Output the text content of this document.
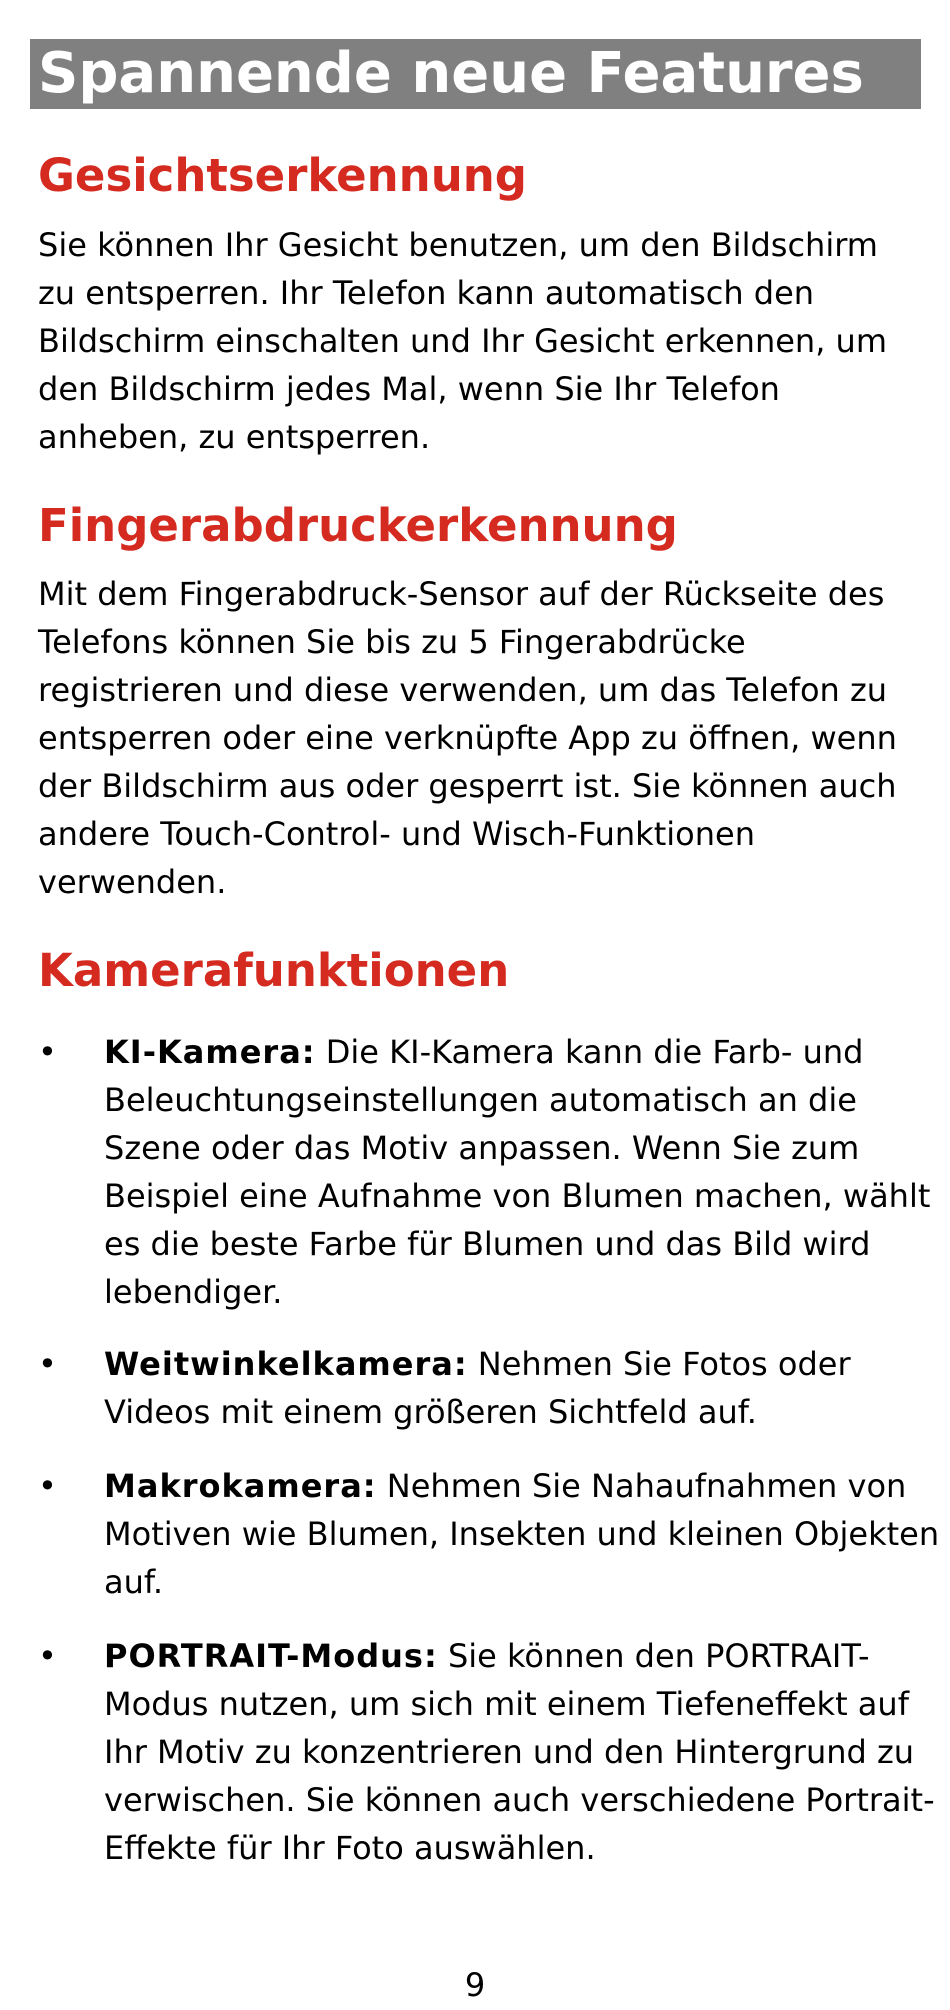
Spannende neue Features
Gesichtserkennung

Sie können Ihr Gesicht benutzen, um den Bildschirm zu entsperren. Ihr Telefon kann automatisch den Bildschirm einschalten und Ihr Gesicht erkennen, um den Bildschirm jedes Mal, wenn Sie Ihr Telefon anheben, zu entsperren.

Fingerabdruckerkennung

Mit dem Fingerabdruck-Sensor auf der Rückseite des Telefons können Sie bis zu 5 Fingerabdrücke registrieren und diese verwenden, um das Telefon zu entsperren oder eine verknüpfte App zu öffnen, wenn der Bildschirm aus oder gesperrt ist. Sie können auch andere Touch-Control- und Wisch-Funktionen verwenden.

Kamerafunktionen
•	KI-Kamera: Die KI-Kamera kann die Farb- und Beleuchtungseinstellungen automatisch an die Szene oder das Motiv anpassen. Wenn Sie zum Beispiel eine Aufnahme von Blumen machen, wählt es die beste Farbe für Blumen und das Bild wird lebendiger.

•	Weitwinkelkamera: Nehmen Sie Fotos oder Videos mit einem größeren Sichtfeld auf.

•	Makrokamera: Nehmen Sie Nahaufnahmen von Motiven wie Blumen, Insekten und kleinen Objekten auf.

•	PORTRAIT-Modus: Sie können den PORTRAIT-Modus nutzen, um sich mit einem Tiefeneffekt auf Ihr Motiv zu konzentrieren und den Hintergrund zu verwischen. Sie können auch verschiedene Portrait-Effekte für Ihr Foto auswählen.

9
